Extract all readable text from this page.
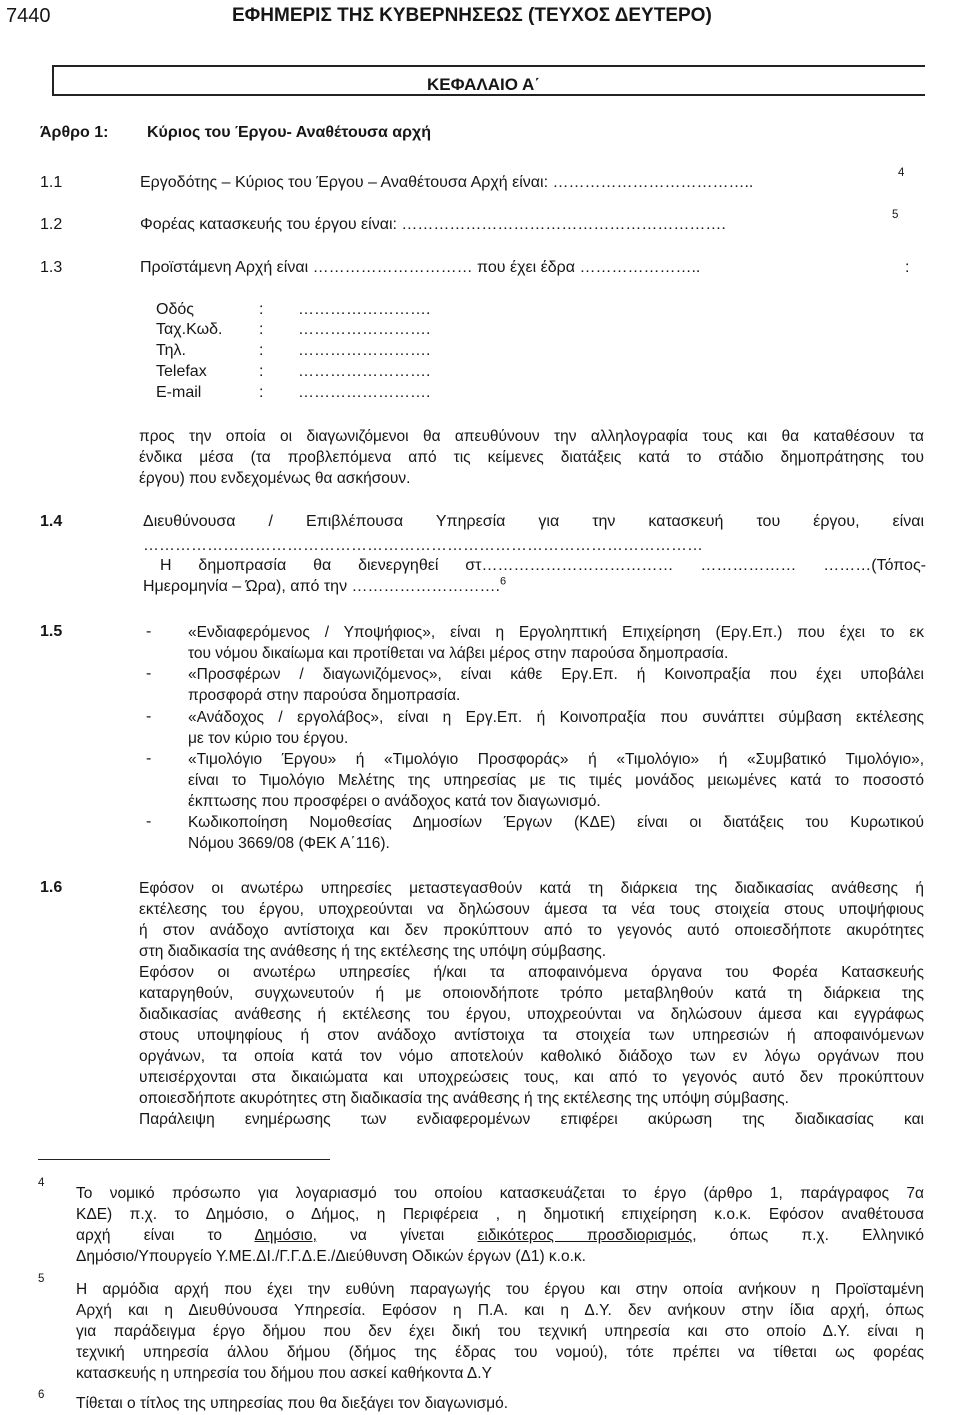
7440	ΕΦΗΜΕΡΙΣ ΤΗΣ ΚΥΒΕΡΝΗΣΕΩΣ (ΤΕΥΧΟΣ ΔΕΥΤΕΡΟ)
ΚΕΦΑΛΑΙΟ Α΄
Άρθρο 1: Κύριος του Έργου- Αναθέτουσα αρχή
1.1	Εργοδότης – Κύριος του Έργου – Αναθέτουσα Αρχή είναι: ………………………………..
4
1.2	Φορέας κατασκευής του έργου είναι: …………………………………………………….
5
1.3	Προϊστάμενη Αρχή είναι ………………………… που έχει έδρα …………………..	:
Οδός	: …………………….
Ταχ.Κωδ. : …………………….
Τηλ.	: …………………….
Telefax	: …………………….
E-mail	: …………………….
προς την οποία οι διαγωνιζόμενοι θα απευθύνουν την αλληλογραφία τους και θα καταθέσουν τα
ένδικα μέσα (τα προβλεπόμενα από τις κείμενες διατάξεις κατά το στάδιο δημοπράτησης του
έργου) που ενδεχομένως θα ασκήσουν.
1.4	Διευθύνουσα / Επιβλέπουσα Υπηρεσία για την κατασκευή του έργου, είναι
……………………………………………………………………………………………
Η δημοπρασία θα διενεργηθεί στ……………………………… ……………… ………(Τόπος-
Ημερομηνία – Ώρα), από την ……………………….$^6$
1.5	- «Ενδιαφερόμενος / Υποψήφιος», είναι η Εργοληπτική Επιχείρηση (Εργ.Επ.) που έχει το εκ
του νόμου δικαίωμα και προτίθεται να λάβει μέρος στην παρούσα δημοπρασία.
- «Προσφέρων / διαγωνιζόμενος», είναι κάθε Εργ.Επ. ή Κοινοπραξία που έχει υποβάλει
προσφορά στην παρούσα δημοπρασία.
- «Ανάδοχος / εργολάβος», είναι η Εργ.Επ. ή Κοινοπραξία που συνάπτει σύμβαση εκτέλεσης
με τον κύριο του έργου.
- «Τιμολόγιο Έργου» ή «Τιμολόγιο Προσφοράς» ή «Τιμολόγιο» ή «Συμβατικό Τιμολόγιο»,
είναι το Τιμολόγιο Μελέτης της υπηρεσίας με τις τιμές μονάδος μειωμένες κατά το ποσοστό
έκπτωσης που προσφέρει ο ανάδοχος κατά τον διαγωνισμό.
- Κωδικοποίηση Νομοθεσίας Δημοσίων Έργων (ΚΔΕ) είναι οι διατάξεις του Κυρωτικού
Νόμου 3669/08 (ΦΕΚ Α΄116).
1.6	Εφόσον οι ανωτέρω υπηρεσίες μεταστεγασθούν κατά τη διάρκεια της διαδικασίας ανάθεσης ή
εκτέλεσης του έργου, υποχρεούνται να δηλώσουν άμεσα τα νέα τους στοιχεία στους υποψήφιους
ή στον ανάδοχο αντίστοιχα και δεν προκύπτουν από το γεγονός αυτό οποιεσδήποτε ακυρότητες
στη διαδικασία της ανάθεσης ή της εκτέλεσης της υπόψη σύμβασης.
Εφόσον οι ανωτέρω υπηρεσίες ή/και τα αποφαινόμενα όργανα του Φορέα Κατασκευής
καταργηθούν, συγχωνευτούν ή με οποιονδήποτε τρόπο μεταβληθούν κατά τη διάρκεια της
διαδικασίας ανάθεσης ή εκτέλεσης του έργου, υποχρεούνται να δηλώσουν άμεσα και εγγράφως
στους υποψηφίους ή στον ανάδοχο αντίστοιχα τα στοιχεία των υπηρεσιών ή αποφαινόμενων
οργάνων, τα οποία κατά τον νόμο αποτελούν καθολικό διάδοχο των εν λόγω οργάνων που
υπεισέρχονται στα δικαιώματα και υποχρεώσεις τους, και από το γεγονός αυτό δεν προκύπτουν
οποιεσδήποτε ακυρότητες στη διαδικασία της ανάθεσης ή της εκτέλεσης της υπόψη σύμβασης.
Παράλειψη ενημέρωσης των ενδιαφερομένων επιφέρει ακύρωση της διαδικασίας και
4
Το νομικό πρόσωπο για λογαριασμό του οποίου κατασκευάζεται το έργο (άρθρο 1, παράγραφος 7α
ΚΔΕ) π.χ. το Δημόσιο, ο Δήμος, η Περιφέρεια , η δημοτική επιχείρηση κ.ο.κ. Εφόσον αναθέτουσα
αρχή είναι το Δημόσιο, να γίνεται ειδικότερος προσδιορισμός, όπως π.χ. Ελληνικό
Δημόσιο/Υπουργείο Υ.ΜΕ.ΔΙ./Γ.Γ.Δ.Ε./Διεύθυνση Οδικών έργων (Δ1) κ.ο.κ.
5
Η αρμόδια αρχή που έχει την ευθύνη παραγωγής του έργου και στην οποία ανήκουν η Προϊσταμένη
Αρχή και η Διευθύνουσα Υπηρεσία. Εφόσον η Π.Α. και η Δ.Υ. δεν ανήκουν στην ίδια αρχή, όπως
για παράδειγμα έργο δήμου που δεν έχει δική του τεχνική υπηρεσία και στο οποίο Δ.Υ. είναι η
τεχνική υπηρεσία άλλου δήμου (δήμος της έδρας του νομού), τότε πρέπει να τίθεται ως φορέας
κατασκευής η υπηρεσία του δήμου που ασκεί καθήκοντα Δ.Υ
6 Τίθεται ο τίτλος της υπηρεσίας που θα διεξάγει τον διαγωνισμό.
